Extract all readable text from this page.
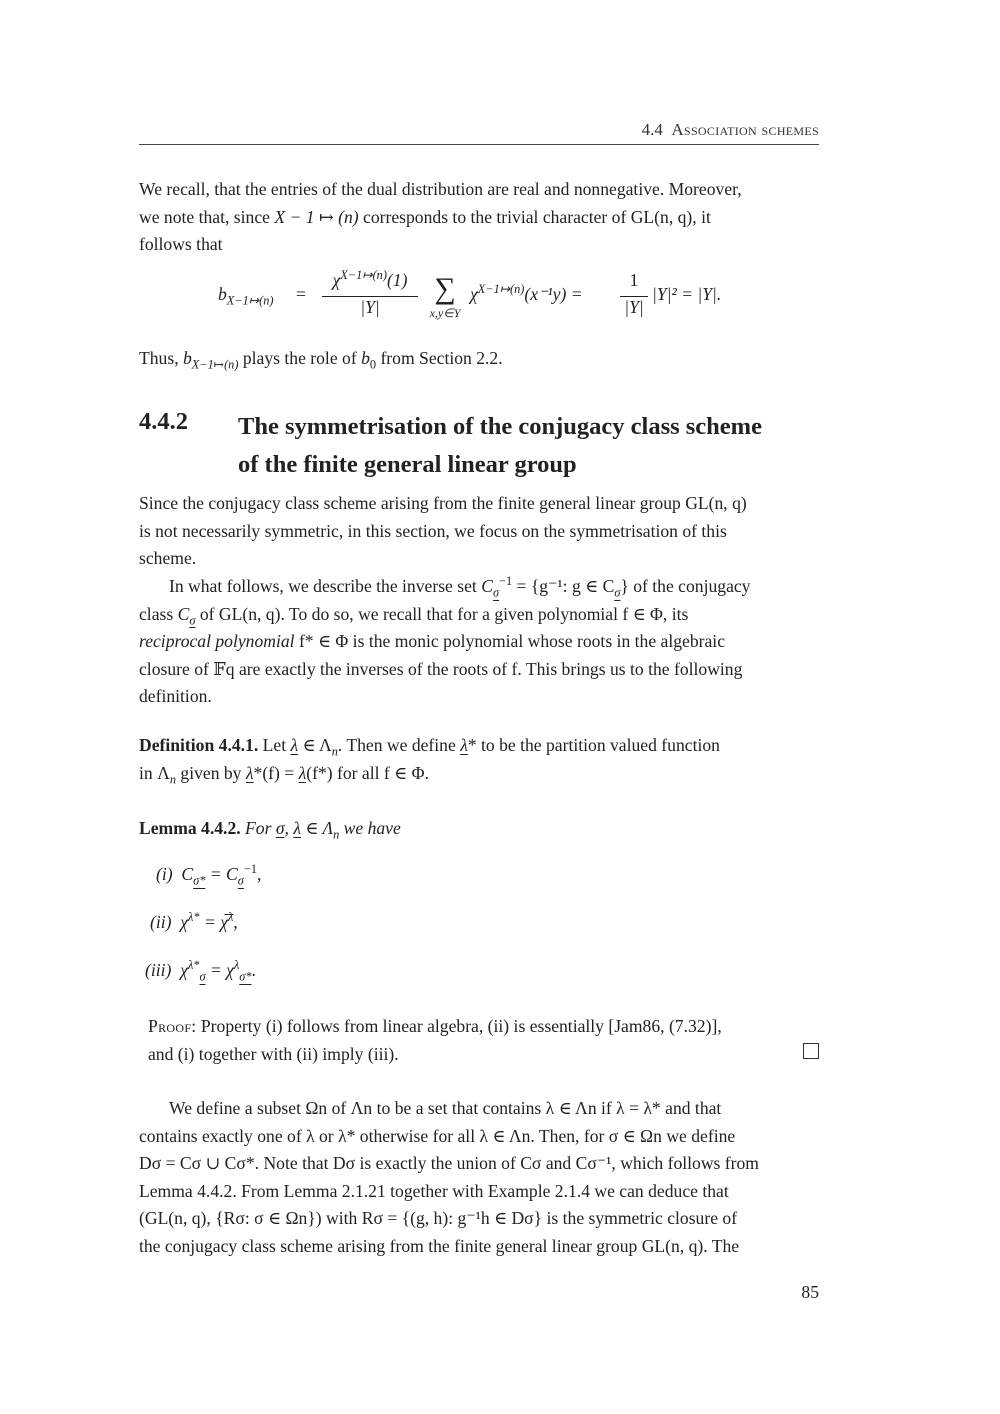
4.4 Association schemes
We recall, that the entries of the dual distribution are real and nonnegative. Moreover,
we note that, since X − 1 ↦ (n) corresponds to the trivial character of GL(n, q), it
follows that
$b_{X-1↦(n)}$ =
$\chi^{X-1↦(n)}(1)$
|Y|
∑
x,y∈Y
$\chi^{X-1↦(n)}(x^{-1}y)$ =
1
|Y|
|Y|² = |Y|.
Thus, $b_{X-1↦(n)}$ plays the role of $b_0$ from Section 2.2.
4.4.2 The symmetrisation of the conjugacy class scheme
of the finite general linear group
Since the conjugacy class scheme arising from the finite general linear group GL(n, q)
is not necessarily symmetric, in this section, we focus on the symmetrisation of this
scheme.
In what follows, we describe the inverse set $C_\sigma^{-1} = \{g^{-1}$: g ∈ $C_\sigma$} of the conjugacy
class $C_\sigma$ of GL(n, q). To do so, we recall that for a given polynomial f ∈ Φ, its
reciprocal polynomial f* ∈ Φ is the monic polynomial whose roots in the algebraic
closure of 𝔽q are exactly the inverses of the roots of f. This brings us to the following
definition.
Definition 4.4.1. Let λ ∈ $\Lambda_n$. Then we define λ* to be the partition valued function
in $\Lambda_n$ given by λ*(f) = λ(f*) for all f ∈ Φ.
Lemma 4.4.2. For σ, λ ∈ $\Lambda_n$ we have
(i) $C_{\sigma*} = C_\sigma^{-1}$,
(ii) $\chi^{\lambda*}$ = χ̅$^\lambda$,
(iii) $\chi^{\lambda*}_\sigma = \chi^\lambda_{\sigma*}$.
Proof: Property (i) follows from linear algebra, (ii) is essentially [Jam86, (7.32)],
and (i) together with (ii) imply (iii).
We define a subset Ωn of Λn to be a set that contains λ ∈ Λn if λ = λ* and that
contains exactly one of λ or λ* otherwise for all λ ∈ Λn. Then, for σ ∈ Ωn we define
Dσ = Cσ ∪ Cσ*. Note that Dσ is exactly the union of Cσ and Cσ⁻¹, which follows from
Lemma 4.4.2. From Lemma 2.1.21 together with Example 2.1.4 we can deduce that
(GL(n, q), {Rσ: σ ∈ Ωn}) with Rσ = {(g, h): g⁻¹h ∈ Dσ} is the symmetric closure of
the conjugacy class scheme arising from the finite general linear group GL(n, q). The
85
